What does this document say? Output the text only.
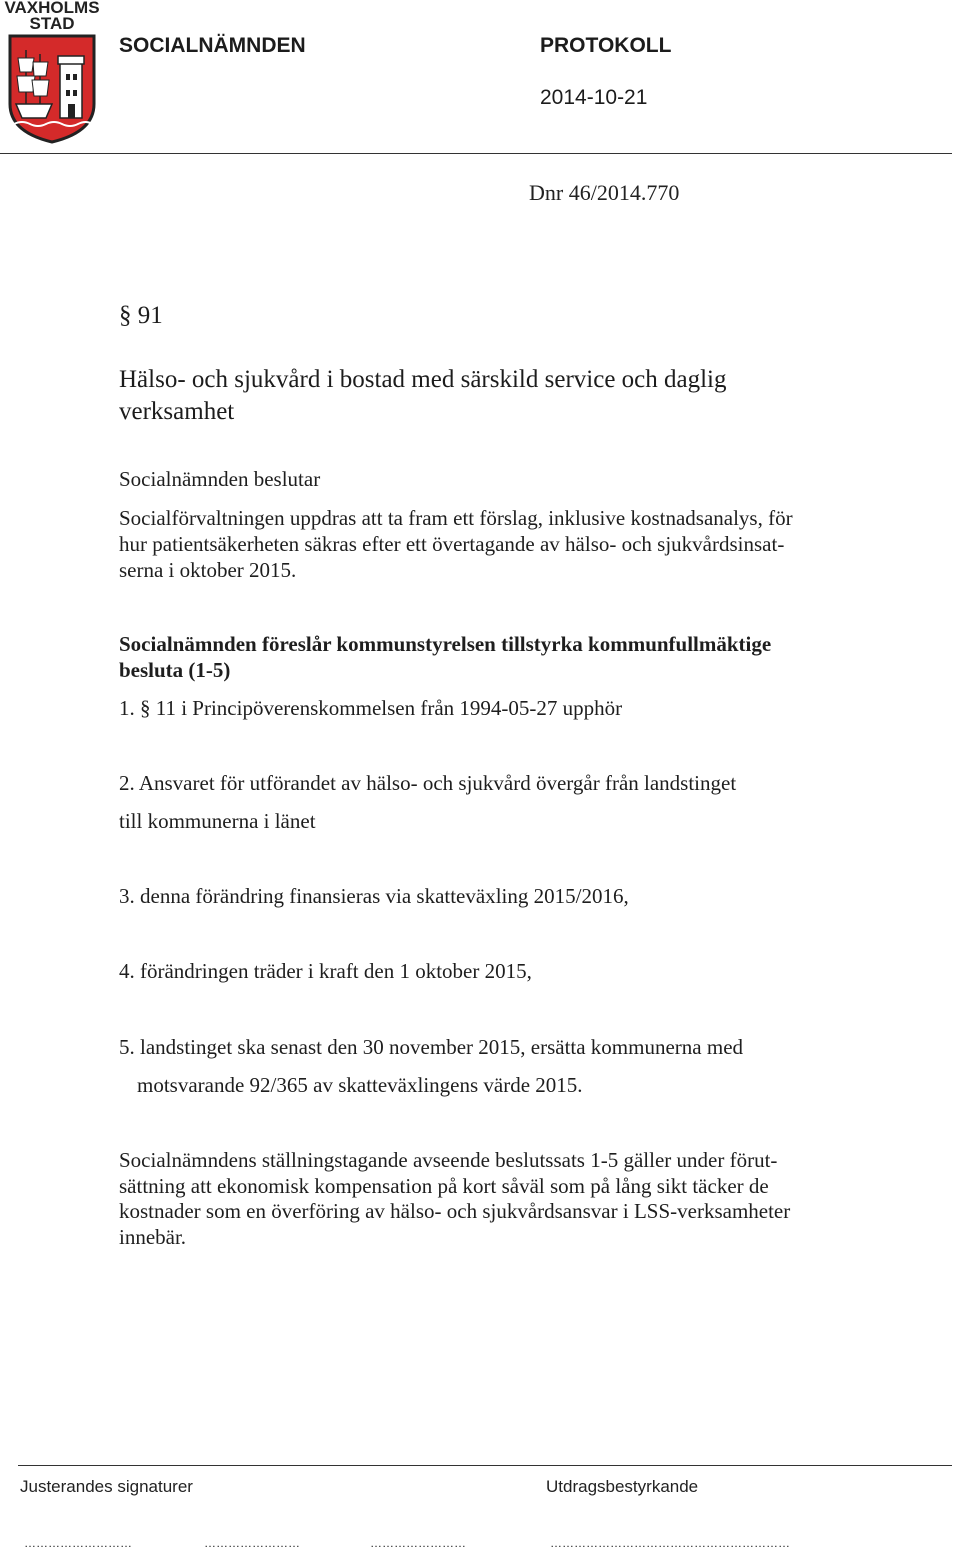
VAXHOLMS
STAD
SOCIALNÄMNDEN	PROTOKOLL
2014-10-21
Dnr 46/2014.770
§ 91
Hälso- och sjukvård i bostad med särskild service och daglig
verksamhet
Socialnämnden beslutar
Socialförvaltningen uppdras att ta fram ett förslag, inklusive kostnadsanalys, för
hur patientsäkerheten säkras efter ett övertagande av hälso- och sjukvårdsinsat-
serna i oktober 2015.
Socialnämnden föreslår kommunstyrelsen tillstyrka kommunfullmäktige
besluta (1-5)
1. § 11 i Principöverenskommelsen från 1994-05-27 upphör
2. Ansvaret för utförandet av hälso- och sjukvård övergår från landstinget
till kommunerna i länet
3. denna förändring finansieras via skatteväxling 2015/2016,
4. förändringen träder i kraft den 1 oktober 2015,
5. landstinget ska senast den 30 november 2015, ersätta kommunerna med
motsvarande 92/365 av skatteväxlingens värde 2015.
Socialnämndens ställningstagande avseende beslutssats 1-5 gäller under förut-
sättning att ekonomisk kompensation på kort såväl som på lång sikt täcker de
kostnader som en överföring av hälso- och sjukvårdsansvar i LSS-verksamheter
innebär.
Justerandes signaturer	Utdragsbestyrkande
………………………	……………………	……………………	……………………………………………………
